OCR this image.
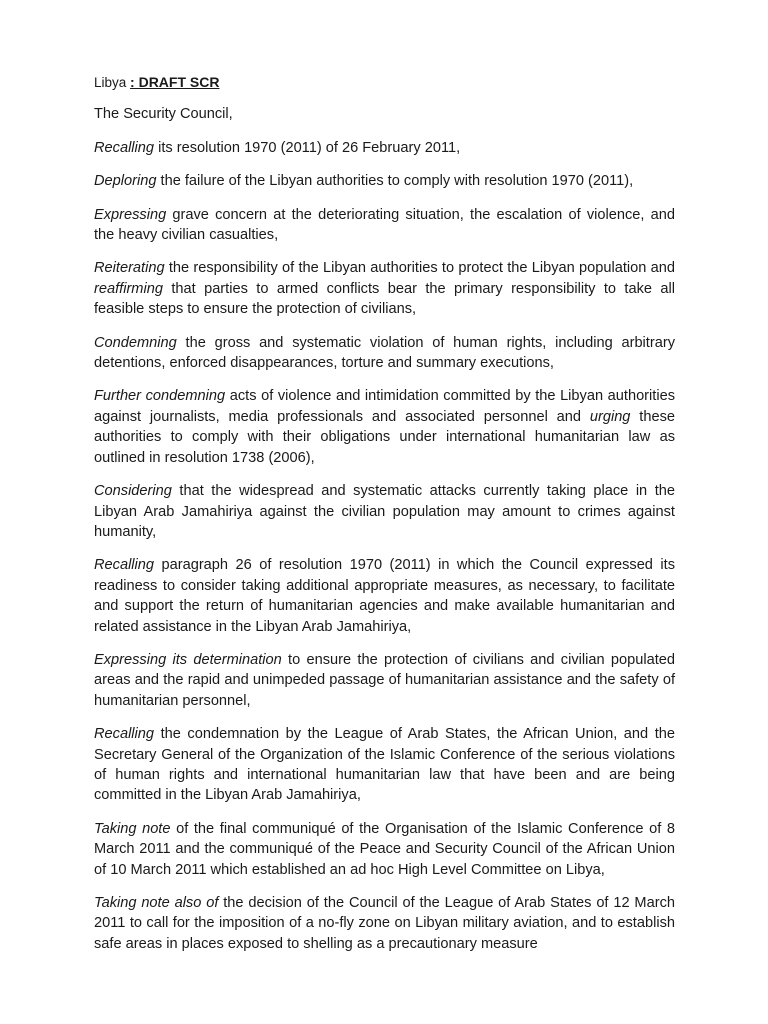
Libya : DRAFT SCR

The Security Council,

Recalling its resolution 1970 (2011) of 26 February 2011,

Deploring the failure of the Libyan authorities to comply with resolution 1970 (2011),

Expressing grave concern at the deteriorating situation, the escalation of violence, and the heavy civilian casualties,

Reiterating the responsibility of the Libyan authorities to protect the Libyan population and reaffirming that parties to armed conflicts bear the primary responsibility to take all feasible steps to ensure the protection of civilians,

Condemning the gross and systematic violation of human rights, including arbitrary detentions, enforced disappearances, torture and summary executions,

Further condemning acts of violence and intimidation committed by the Libyan authorities against journalists, media professionals and associated personnel and urging these authorities to comply with their obligations under international humanitarian law as outlined in resolution 1738 (2006),

Considering that the widespread and systematic attacks currently taking place in the Libyan Arab Jamahiriya against the civilian population may amount to crimes against humanity,

Recalling paragraph 26 of resolution 1970 (2011) in which the Council expressed its readiness to consider taking additional appropriate measures, as necessary, to facilitate and support the return of humanitarian agencies and make available humanitarian and related assistance in the Libyan Arab Jamahiriya,

Expressing its determination to ensure the protection of civilians and civilian populated areas and the rapid and unimpeded passage of humanitarian assistance and the safety of humanitarian personnel,

Recalling the condemnation by the League of Arab States, the African Union, and the Secretary General of the Organization of the Islamic Conference of the serious violations of human rights and international humanitarian law that have been and are being committed in the Libyan Arab Jamahiriya,

Taking note of the final communiqué of the Organisation of the Islamic Conference of 8 March 2011 and the communiqué of the Peace and Security Council of the African Union of 10 March 2011 which established an ad hoc High Level Committee on Libya,

Taking note also of the decision of the Council of the League of Arab States of 12 March 2011 to call for the imposition of a no-fly zone on Libyan military aviation, and to establish safe areas in places exposed to shelling as a precautionary measure
